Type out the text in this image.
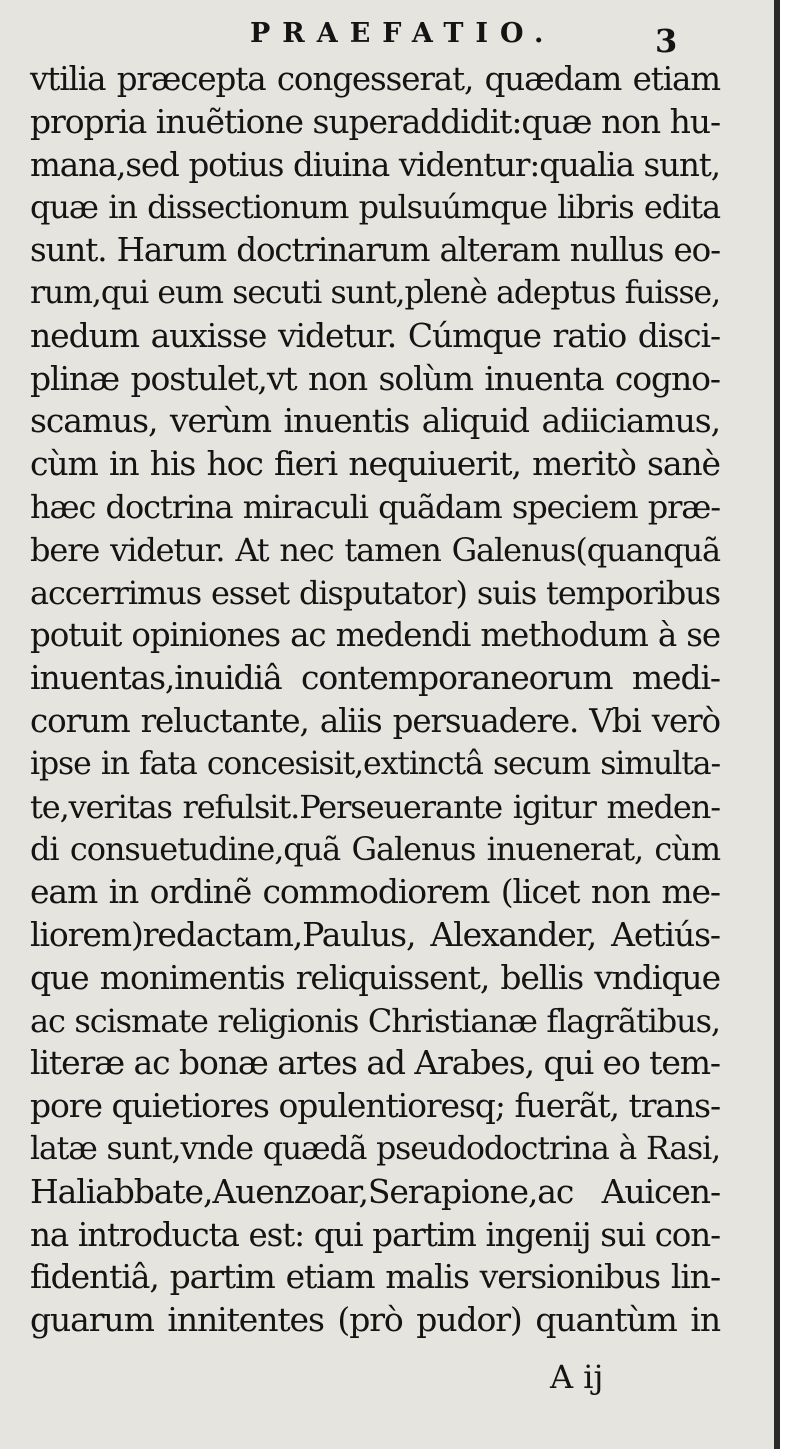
PRAEFATIO.	3
vtilia præcepta congesserat, quædam etiam
propria inuẽtione superaddidit:quæ non hu-
mana,sed potius diuina videntur:qualia sunt,
quæ in dissectionum pulsuúmque libris edita
sunt. Harum doctrinarum alteram nullus eo-
rum,qui eum secuti sunt,plenè adeptus fuisse,
nedum auxisse videtur. Cúmque ratio disci-
plinæ postulet,vt non solùm inuenta cogno-
scamus, verùm inuentis aliquid adiiciamus,
cùm in his hoc fieri nequiuerit, meritò sanè
hæc doctrina miraculi quãdam speciem præ-
bere videtur. At nec tamen Galenus(quanquã
accerrimus esset disputator) suis temporibus
potuit opiniones ac medendi methodum à se
inuentas,inuidiâ contemporaneorum medi-
corum reluctante, aliis persuadere. Vbi verò
ipse in fata concesisit,extinctâ secum simulta-
te,veritas refulsit.Perseuerante igitur meden-
di consuetudine,quã Galenus inuenerat, cùm
eam in ordinẽ commodiorem (licet non me-
liorem)redactam,Paulus, Alexander, Aetiús-
que monimentis reliquissent, bellis vndique
ac scismate religionis Christianæ flagrãtibus,
literæ ac bonæ artes ad Arabes, qui eo tem-
pore quietiores opulentioresq; fuerãt, trans-
latæ sunt,vnde quædã pseudodoctrina à Rasi,
Haliabbate,Auenzoar,Serapione,ac Auicen-
na introducta est: qui partim ingenij sui con-
fidentiâ, partim etiam malis versionibus lin-
guarum innitentes (prò pudor) quantùm in
A ij
